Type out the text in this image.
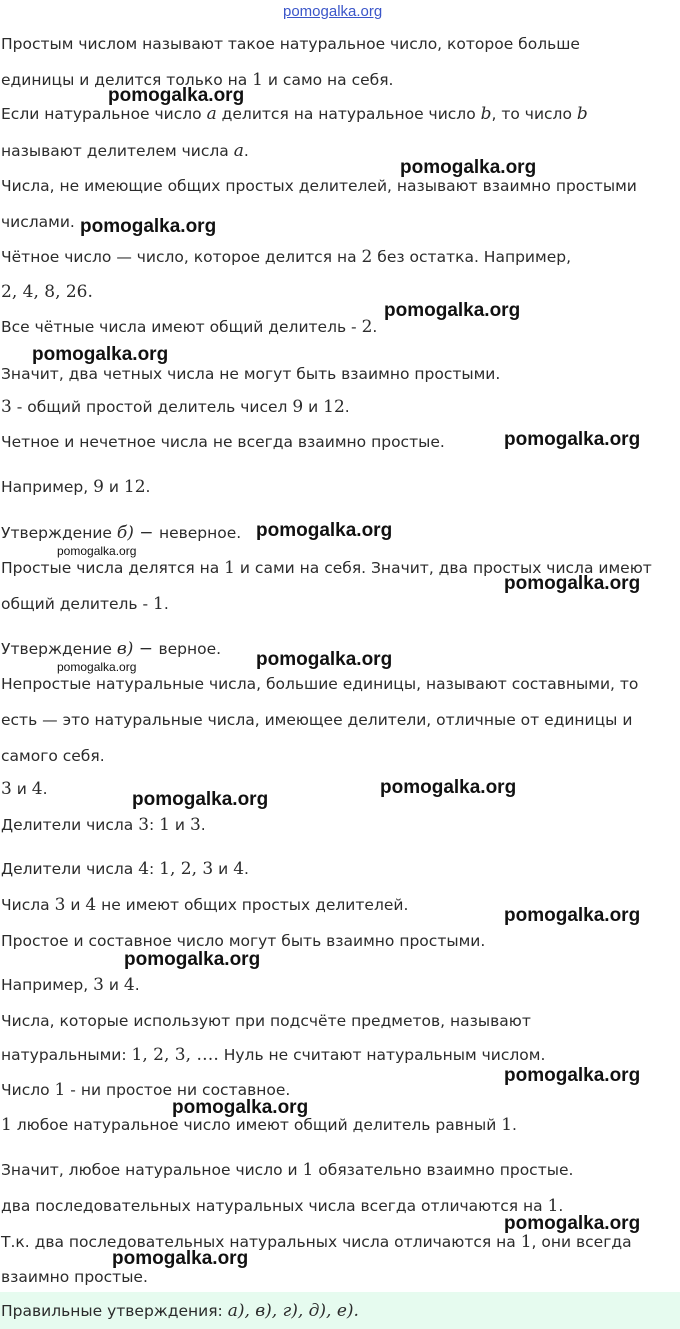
pomogalka.org
Простым числом называют такое натуральное число, которое больше
единицы и делится только на 1 и само на себя.
Если натуральное число a делится на натуральное число b, то число b
называют делителем числа a.
Числа, не имеющие общих простых делителей, называют взаимно простыми
числами.
Чётное число — число, которое делится на 2 без остатка. Например,
2, 4, 8, 26.
Все чётные числа имеют общий делитель - 2.
Значит, два четных числа не могут быть взаимно простыми.
3 - общий простой делитель чисел 9 и 12.
Четное и нечетное числа не всегда взаимно простые.
Например, 9 и 12.
Утверждение б) − неверное.
Простые числа делятся на 1 и сами на себя. Значит, два простых числа имеют
общий делитель - 1.
Утверждение в) − верное.
Непростые натуральные числа, большие единицы, называют составными, то
есть — это натуральные числа, имеющее делители, отличные от единицы и
самого себя.
3 и 4.
Делители числа 3: 1 и 3.
Делители числа 4: 1, 2, 3 и 4.
Числа 3 и 4 не имеют общих простых делителей.
Простое и составное число могут быть взаимно простыми.
Например, 3 и 4.
Числа, которые используют при подсчёте предметов, называют
натуральными: 1, 2, 3, …. Нуль не считают натуральным числом.
Число 1 - ни простое ни составное.
1 любое натуральное число имеют общий делитель равный 1.
Значит, любое натуральное число и 1 обязательно взаимно простые.
два последовательных натуральных числа всегда отличаются на 1.
Т.к. два последовательных натуральных числа отличаются на 1, они всегда
взаимно простые.
Правильные утверждения: а), в), г), д), е).
pomogalka.org
pomogalka.org
pomogalka.org
pomogalka.org
pomogalka.org
pomogalka.org
pomogalka.org
pomogalka.org
pomogalka.org
pomogalka.org
pomogalka.org
pomogalka.org
pomogalka.org
pomogalka.org
pomogalka.org
pomogalka.org
pomogalka.org
pomogalka.org
pomogalka.org
